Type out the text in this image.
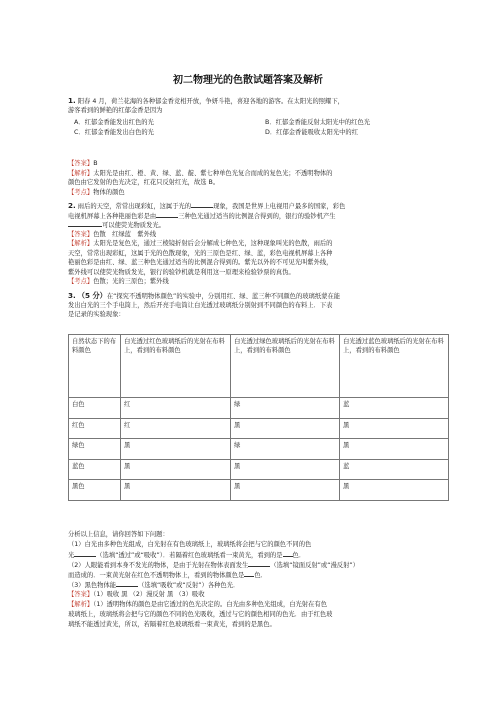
初二物理光的色散试题答案及解析
1. 阳春 4 月，荷兰花海的各种郁金香竞相开放，争妍斗艳，喜迎各地的游客。在太阳光的照耀下，
游客看到的鲜艳的红郁金香是因为
A．红郁金香能发出红色的光	B．红郁金香能反射太阳光中的红色光
C．红郁金香能发出白色的光	D．红郁金香能吸收太阳光中的红
【答案】B
【解析】太阳光是由红、橙、黄、绿、蓝、靛、紫七种单色光复合而成的复色光；不透明物体的
颜色由它发射的色光决定，红花只反射红光，故选 B。
【考点】物体的颜色
2. 雨后的天空，常常出现彩虹，这属于光的	现象，我国是世界上电视用户最多的国家，彩色
电视机屏幕上各种艳丽色彩是由	三种色光通过适当的比例混合得到的，银行的验钞机产生
可以使荧光物质发光。
【答案】色散　红绿蓝　紫外线
【解析】太阳光是复色光，通过三棱镜折射后会分解成七种色光，这种现象叫光的色散，雨后的
天空，常常出现彩虹，这属于光的色散现象，光的三原色是红、绿、蓝，彩色电视机屏幕上各种
艳丽色彩是由红、绿、蓝三种色光通过适当的比例混合得到的。紫光以外的不可见光叫紫外线，
紫外线可以使荧光物质发光，银行的验钞机就是利用这一原理来检验钞票的真伪。
【考点】色散；光的三原色；紫外线
3. （5 分）在“探究不透明物体颜色”的实验中，分别用红、绿、蓝三种不同颜色的玻璃纸蒙在能
发出白光的三个手电筒上，然后开亮手电筒让白光透过玻璃纸分别射到不同颜色的布料上．下表
是记录的实验现象：
自然状态下的布料颜色	白光透过红色玻璃纸后的光射在布料上，看到的布料颜色	白光透过绿色玻璃纸后的光射在布料上，看到的布料颜色	白光透过蓝色玻璃纸后的光射在布料上，看到的布料颜色
白色	红	绿	蓝
红色	红	黑	黑
绿色	黑	绿	黑
蓝色	黑	黑	蓝
黑色	黑	黑	黑
分析以上信息，请你回答如下问题：
（1）白光由多种色光组成，白光射在有色玻璃纸上，玻璃纸将会把与它的颜色不同的色
光	（选填“透过”或“吸收”）．若隔着红色玻璃纸看一束黄光，看到的是 色．
（2）人眼能看到本身不发光的物体，是由于光射在物体表面发生	（选填“镜面反射”或“漫反射”）
而造成的．一束黄光射在红色不透明物体上，看到的物体颜色是 色．
（3）黑色物体能	（选填“吸收”或“反射”）各种色光．
【答案】（1）吸收 黑 （2）漫反射 黑 （3）吸收
【解析】（1）透明物体的颜色是由它透过的色光决定的。白光由多种色光组成，白光射在有色
玻璃纸上，玻璃纸将会把与它的颜色不同的色光吸收，透过与它的颜色相同的色光．由于红色玻
璃纸不能透过黄光，所以，若隔着红色玻璃纸看一束黄光，看到的是黑色。
